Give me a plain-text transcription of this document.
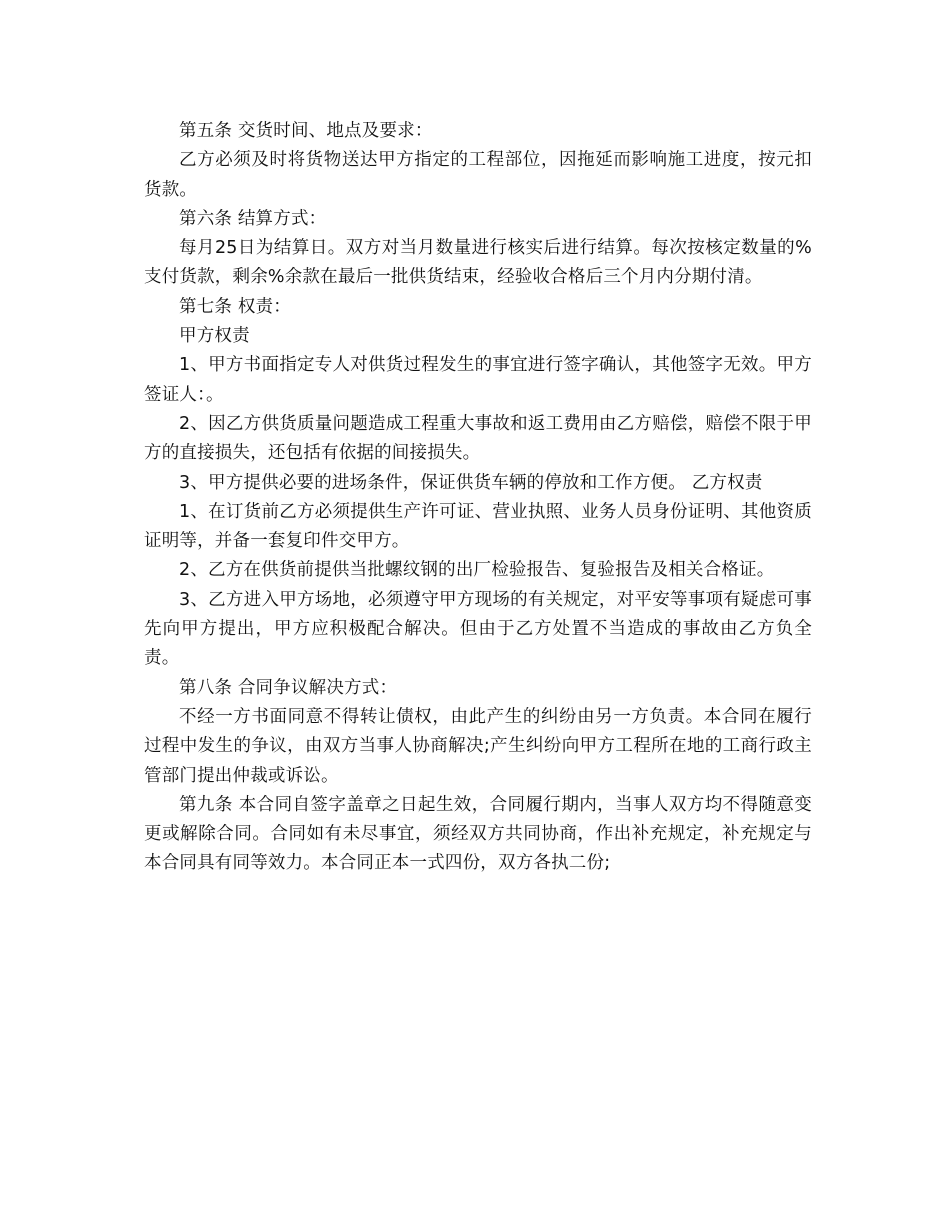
第五条 交货时间、地点及要求：

乙方必须及时将货物送达甲方指定的工程部位，因拖延而影响施工进度，按元扣货款。

第六条 结算方式：

每月25日为结算日。双方对当月数量进行核实后进行结算。每次按核定数量的%支付货款，剩余%余款在最后一批供货结束，经验收合格后三个月内分期付清。

第七条 权责：

甲方权责

1、甲方书面指定专人对供货过程发生的事宜进行签字确认，其他签字无效。甲方签证人：。

2、因乙方供货质量问题造成工程重大事故和返工费用由乙方赔偿，赔偿不限于甲方的直接损失，还包括有依据的间接损失。

3、甲方提供必要的进场条件，保证供货车辆的停放和工作方便。 乙方权责

1、在订货前乙方必须提供生产许可证、营业执照、业务人员身份证明、其他资质证明等，并备一套复印件交甲方。

2、乙方在供货前提供当批螺纹钢的出厂检验报告、复验报告及相关合格证。

3、乙方进入甲方场地，必须遵守甲方现场的有关规定，对平安等事项有疑虑可事先向甲方提出，甲方应积极配合解决。但由于乙方处置不当造成的事故由乙方负全责。

第八条 合同争议解决方式：

不经一方书面同意不得转让债权，由此产生的纠纷由另一方负责。本合同在履行过程中发生的争议，由双方当事人协商解决;产生纠纷向甲方工程所在地的工商行政主管部门提出仲裁或诉讼。

第九条 本合同自签字盖章之日起生效，合同履行期内，当事人双方均不得随意变更或解除合同。合同如有未尽事宜，须经双方共同协商，作出补充规定，补充规定与本合同具有同等效力。本合同正本一式四份，双方各执二份;
